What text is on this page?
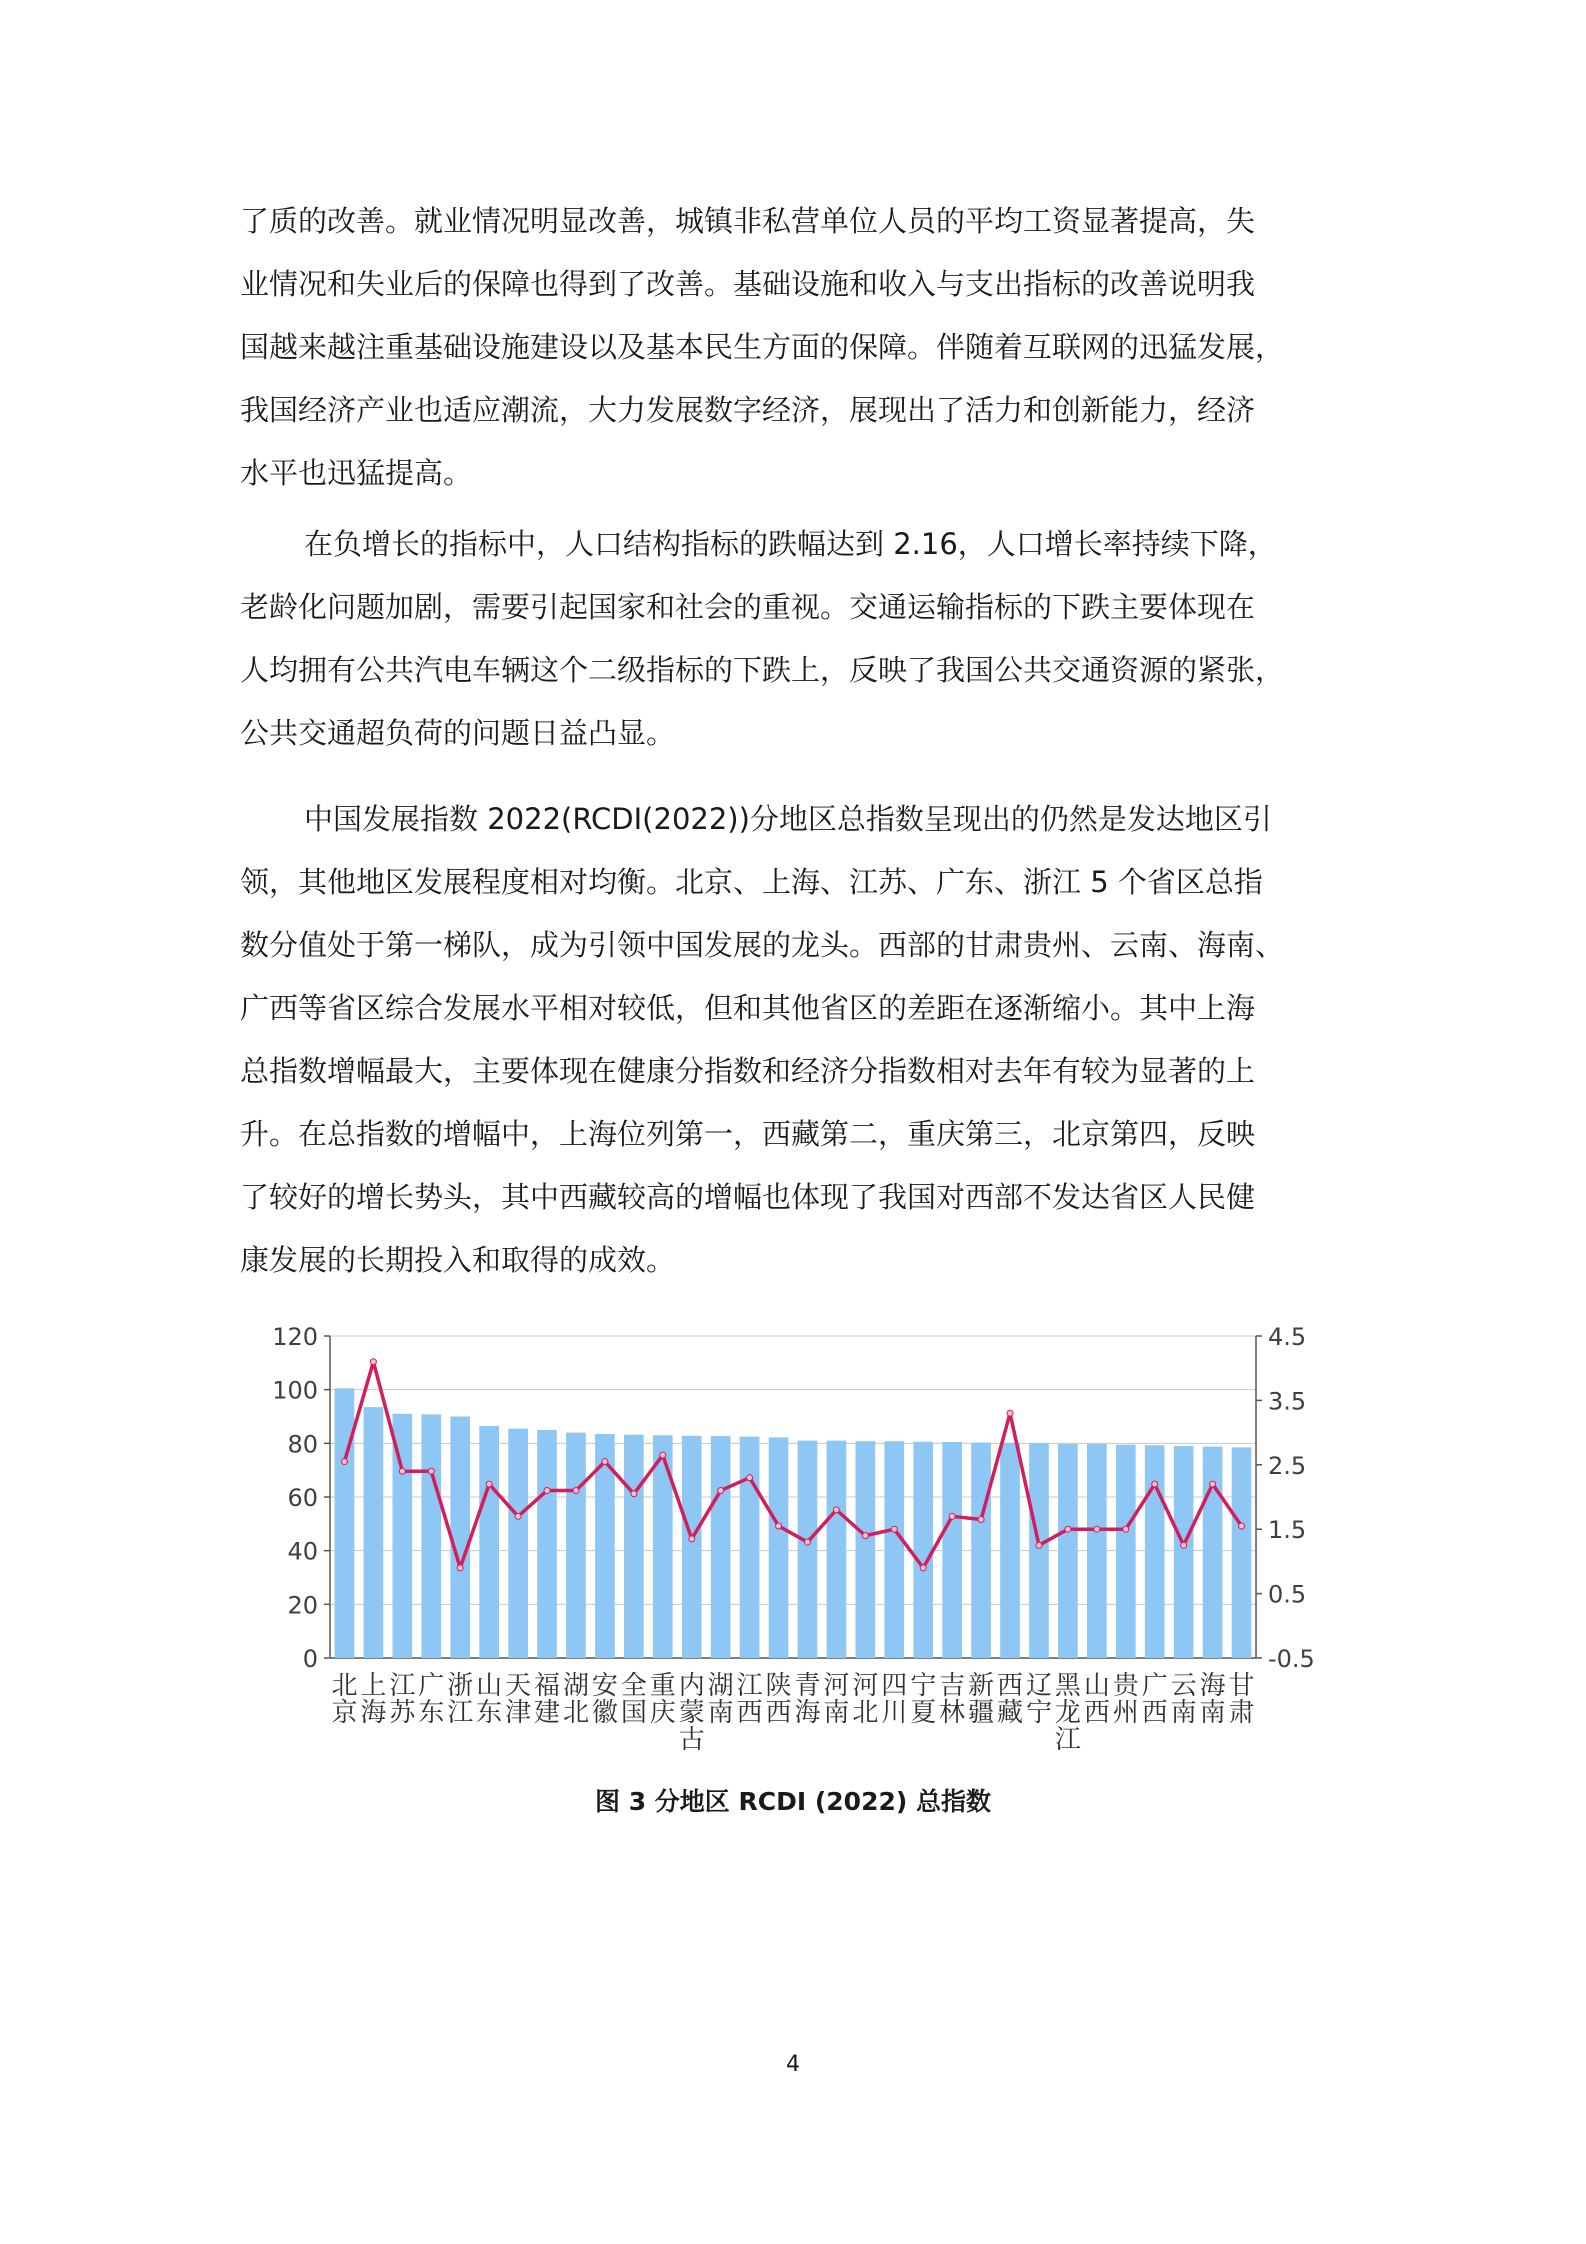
了质的改善。就业情况明显改善，城镇非私营单位人员的平均工资显著提高，失
业情况和失业后的保障也得到了改善。基础设施和收入与支出指标的改善说明我
国越来越注重基础设施建设以及基本民生方面的保障。伴随着互联网的迅猛发展，
我国经济产业也适应潮流，大力发展数字经济，展现出了活力和创新能力，经济
水平也迅猛提高。
在负增长的指标中，人口结构指标的跌幅达到 2.16，人口增长率持续下降，
老龄化问题加剧，需要引起国家和社会的重视。交通运输指标的下跌主要体现在
人均拥有公共汽电车辆这个二级指标的下跌上，反映了我国公共交通资源的紧张，
公共交通超负荷的问题日益凸显。
中国发展指数 2022(RCDI(2022))分地区总指数呈现出的仍然是发达地区引
领，其他地区发展程度相对均衡。北京、上海、江苏、广东、浙江 5 个省区总指
数分值处于第一梯队，成为引领中国发展的龙头。西部的甘肃贵州、云南、海南、
广西等省区综合发展水平相对较低，但和其他省区的差距在逐渐缩小。其中上海
总指数增幅最大，主要体现在健康分指数和经济分指数相对去年有较为显著的上
升。在总指数的增幅中，上海位列第一，西藏第二，重庆第三，北京第四，反映
了较好的增长势头，其中西藏较高的增幅也体现了我国对西部不发达省区人民健
康发展的长期投入和取得的成效。
0
20
40
60
80
100
120
-0.5
0.5
1.5
2.5
3.5
4.5
北京
上海
江苏
广东
浙江
山东
天津
福建
湖北
安徽
全国
重庆
内蒙古
湖南
江西
陕西
青海
河南
河北
四川
宁夏
吉林
新疆
西藏
辽宁
黑龙江
山西
贵州
广西
云南
海南
甘肃
图 3 分地区 RCDI (2022) 总指数
4
